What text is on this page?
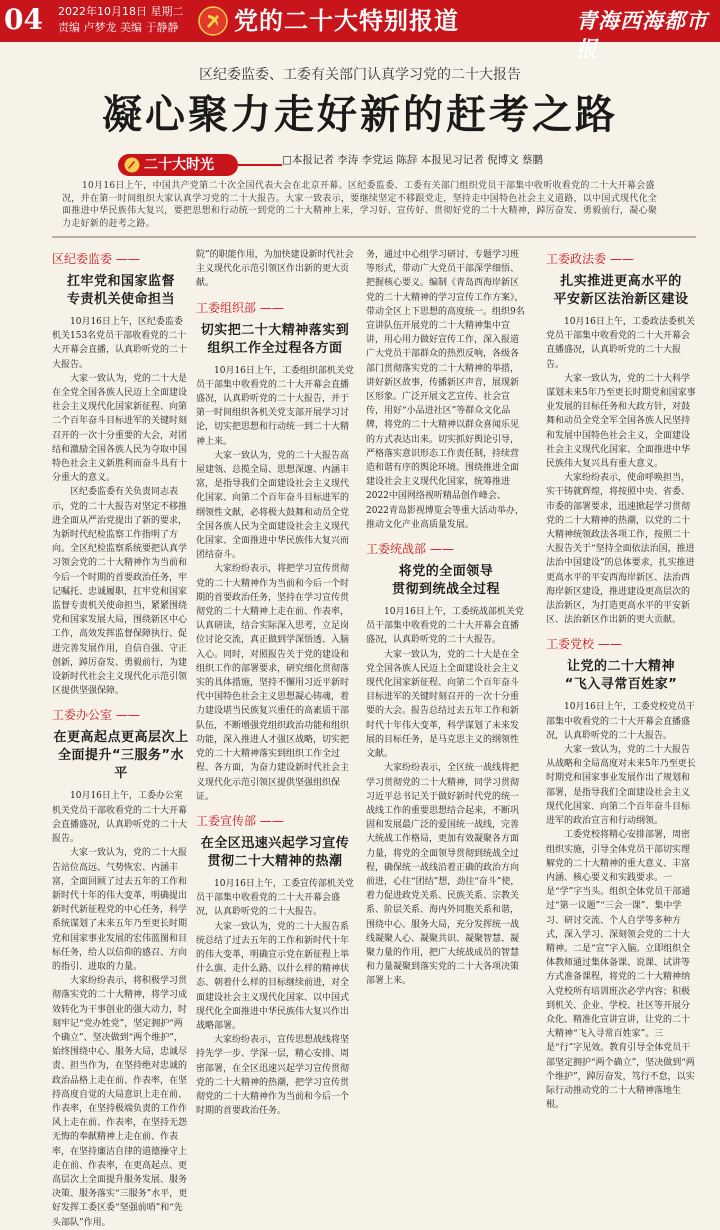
04 2022年10月18日 星期二
责编 卢梦龙 美编 于静静 党的二十大特别报道	青海西海都市报
区纪委监委、工委有关部门认真学习党的二十大报告
凝心聚力走好新的赶考之路
二十大时光	□本报记者 李涛 李党运 陈辞 本报见习记者 倪博文 蔡鹏
10月16日上午，中国共产党第二十次全国代表大会在北京开幕。区纪委监委、工委有关部门组织党员干部集中收听收看党的二十大开幕会盛况，并在第一时间组织大家认真学习党的二十大报告。大家一致表示，要继续坚定不移跟党走，坚持走中国特色社会主义道路，以中国式现代化全面推进中华民族伟大复兴，要把思想和行动统一到党的二十大精神上来，学习好、宣传好、贯彻好党的二十大精神，踔厉奋发、勇毅前行，凝心聚力走好新的赶考之路。
区纪委监委 ——
扛牢党和国家监督
专责机关使命担当

10月16日上午，区纪委监委机关153名党员干部收看党的二十大开幕会直播，认真聆听党的二十大报告。

大家一致认为，党的二十大是在全党全国各族人民迈上全面建设社会主义现代化国家新征程、向第二个百年奋斗目标进军的关键时刻召开的一次十分重要的大会，对团结和激励全国各族人民为夺取中国特色社会主义新胜利而奋斗具有十分重大的意义。

区纪委监委有关负责同志表示，党的二十大报告对坚定不移推进全面从严治党提出了新的要求，为新时代纪检监察工作指明了方向。全区纪检监察系统要把认真学习领会党的二十大精神作为当前和今后一个时期的首要政治任务，牢记嘱托、忠诚履职，扛牢党和国家监督专责机关使命担当，紧紧围绕党和国家发展大局，围绕新区中心工作，高效发挥监督保障执行、促进完善发展作用，自信自强、守正创新，踔厉奋发、勇毅前行，为建设新时代社会主义现代化示范引领区提供坚强保障。

工委办公室 ——
在更高起点更高层次上
全面提升“三服务”水平

10月16日上午，工委办公室机关党员干部收看党的二十大开幕会直播盛况，认真聆听党的二十大报告。

大家一致认为，党的二十大报告站位高远、气势恢宏、内涵丰富，全面回顾了过去五年的工作和新时代十年的伟大变革，明确提出新时代新征程党的中心任务，科学系统谋划了未来五年乃至更长时期党和国家事业发展的宏伟蓝图和目标任务，给人以信仰的感召、方向的指引、进取的力量。

大家纷纷表示，将积极学习贯彻落实党的二十大精神，将学习成效转化为干事创业的强大动力，时刻牢记“党办姓党”，坚定拥护“两个确立”、坚决做到“两个维护”，始终围绕中心、服务大局，忠诚尽责、担当作为，在坚持绝对忠诚的政治品格上走在前、作表率，在坚持高度自觉的大局意识上走在前、作表率，在坚持极端负责的工作作风上走在前、作表率，在坚持无怨无悔的奉献精神上走在前、作表率，在坚持廉洁自律的道德操守上走在前、作表率，在更高起点、更高层次上全面提升服务发展、服务决策、服务落实“三服务”水平，更好发挥工委区委“坚强前哨”和“先头部队”作用。

院”的职能作用，为加快建设新时代社会主义现代化示范引领区作出新的更大贡献。

工委组织部 ——
切实把二十大精神落实到
组织工作全过程各方面

10月16日上午，工委组织部机关党员干部集中收看党的二十大开幕会直播盛况，认真聆听党的二十大报告，并于第一时间组织各机关党支部开展学习讨论，切实把思想和行动统一到二十大精神上来。

大家一致认为，党的二十大报告高屋建瓴、总揽全局、思想深邃、内涵丰富，是指导我们全面建设社会主义现代化国家、向第二个百年奋斗目标进军的纲领性文献，必将极大鼓舞和动员全党全国各族人民为全面建设社会主义现代化国家、全面推进中华民族伟大复兴而团结奋斗。

大家纷纷表示，将把学习宣传贯彻党的二十大精神作为当前和今后一个时期的首要政治任务，坚持在学习宣传贯彻党的二十大精神上走在前、作表率，认真研读，结合实际深入思考，立足岗位讨论交流，真正做到学深悟透、入脑入心。同时，对照报告关于党的建设和组织工作的部署要求，研究细化贯彻落实的具体措施，坚持不懈用习近平新时代中国特色社会主义思想凝心铸魂，着力建设堪当民族复兴重任的高素质干部队伍，不断增强党组织政治功能和组织功能，深入推进人才强区战略，切实把党的二十大精神落实到组织工作全过程、各方面，为奋力建设新时代社会主义现代化示范引领区提供坚强组织保证。

工委宣传部 ——
在全区迅速兴起学习宣传
贯彻二十大精神的热潮

10月16日上午，工委宣传部机关党员干部集中收看党的二十大开幕会盛况，认真聆听党的二十大报告。

大家一致认为，党的二十大报告系统总结了过去五年的工作和新时代十年的伟大变革，明确宣示党在新征程上举什么旗、走什么路、以什么样的精神状态、朝着什么样的目标继续前进，对全面建设社会主义现代化国家、以中国式现代化全面推进中华民族伟大复兴作出战略部署。

大家纷纷表示，宣传思想战线将坚持先学一步、学深一层，精心安排、周密部署，在全区迅速兴起学习宣传贯彻党的二十大精神的热潮，把学习宣传贯彻党的二十大精神作为当前和今后一个时期的首要政治任务。

务，通过中心组学习研讨、专题学习班等形式，带动广大党员干部深学细悟、把握核心要义。编制《青岛西海岸新区党的二十大精神的学习宣传工作方案》，带动全区上下思想的高度统一。组织9名宣讲队伍开展党的二十大精神集中宣讲，用心用力做好宣传工作，深入报道广大党员干部群众的热烈反响，各级各部门贯彻落实党的二十大精神的举措，讲好新区故事，传播新区声音，展现新区形象。广泛开展文艺宣传、社会宣传，用好“小品进社区”等群众文化品牌，将党的二十大精神以群众喜闻乐见的方式表达出来。切实抓好舆论引导，严格落实意识形态工作责任制，持续营造和谐有序的舆论环境。围绕推进全面建设社会主义现代化国家，统筹推进2022中国网络视听精品创作峰会、2022青岛影视博览会等重大活动举办，推动文化产业高质量发展。

工委统战部 ——
将党的全面领导
贯彻到统战全过程

10月16日上午，工委统战部机关党员干部集中收看党的二十大开幕会直播盛况，认真聆听党的二十大报告。

大家一致认为，党的二十大是在全党全国各族人民迈上全面建设社会主义现代化国家新征程、向第二个百年奋斗目标进军的关键时刻召开的一次十分重要的大会。报告总结过去五年工作和新时代十年伟大变革，科学谋划了未来发展的目标任务，是马克思主义的纲领性文献。

大家纷纷表示，全区统一战线将把学习贯彻党的二十大精神，同学习贯彻习近平总书记关于做好新时代党的统一战线工作的重要思想结合起来，不断巩固和发展最广泛的爱国统一战线，完善大统战工作格局，更加有效凝聚各方面力量，将党的全面领导贯彻到统战全过程，确保统一战线沿着正确的政治方向前进，心往“团结”想，劲往“奋斗”使，着力促进政党关系、民族关系、宗教关系、阶层关系、海内外同胞关系和谐，围绕中心、服务大局，充分发挥统一战线凝聚人心、凝聚共识、凝聚智慧、凝聚力量的作用，把广大统战成员的智慧和力量凝聚到落实党的二十大各项决策部署上来。

工委政法委 ——
扎实推进更高水平的
平安新区法治新区建设

10月16日上午，工委政法委机关党员干部集中收看党的二十大开幕会直播盛况，认真聆听党的二十大报告。

大家一致认为，党的二十大科学谋划未来5年乃至更长时期党和国家事业发展的目标任务和大政方针，对鼓舞和动员全党全军全国各族人民坚持和发展中国特色社会主义，全面建设社会主义现代化国家、全面推进中华民族伟大复兴具有重大意义。

大家纷纷表示，使命呼唤担当，实干铸就辉煌，将按照中央、省委、市委的部署要求，迅速掀起学习贯彻党的二十大精神的热潮，以党的二十大精神统领政法各项工作，按照二十大报告关于“坚持全面依法治国，推进法治中国建设”的总体要求，扎实推进更高水平的平安西海岸新区、法治西海岸新区建设，推进建设更高层次的法治新区，为打造更高水平的平安新区、法治新区作出新的更大贡献。

工委党校 ——
让党的二十大精神
“飞入寻常百姓家”

10月16日上午，工委党校党员干部集中收看党的二十大开幕会直播盛况，认真聆听党的二十大报告。

大家一致认为，党的二十大报告从战略和全局高度对未来5年乃至更长时期党和国家事业发展作出了规划和部署，是指导我们全面建设社会主义现代化国家、向第二个百年奋斗目标进军的政治宣言和行动纲领。

工委党校将精心安排部署，周密组织实施，引导全体党员干部切实理解党的二十大精神的重大意义、丰富内涵、核心要义和实践要求。一是“学”字当头。组织全体党员干部通过“第一议题”“三会一课”、集中学习、研讨交流、个人自学等多种方式，深入学习、深刻领会党的二十大精神。二是“宣”字入脑。立即组织全体教师通过集体备课、说课、试讲等方式准备课程，将党的二十大精神纳入党校所有培训班次必学内容；积极到机关、企业、学校、社区等开展分众化、精准化宣讲宣讲，让党的二十大精神“飞入寻常百姓家”。三是“行”字见效。教育引导全体党员干部坚定拥护“两个确立”，坚决做到“两个维护”，踔厉奋发，笃行不怠，以实际行动推动党的二十大精神落地生根。
